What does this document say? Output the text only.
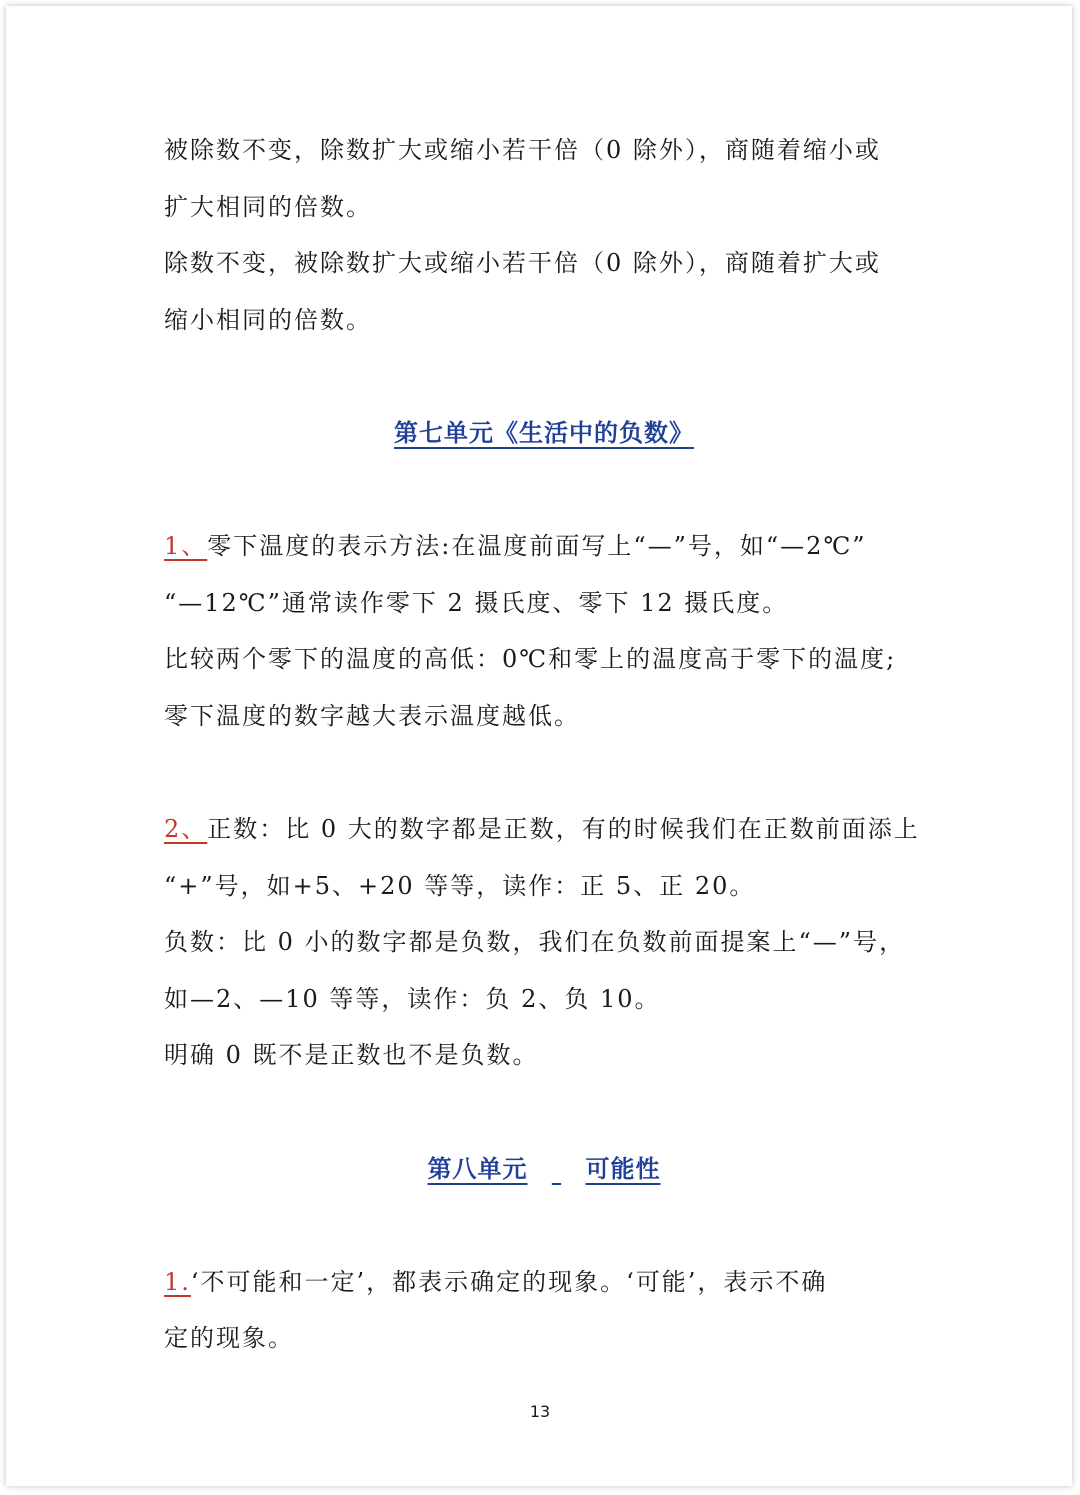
被除数不变，除数扩大或缩小若干倍（0 除外），商随着缩小或

扩大相同的倍数。

除数不变，被除数扩大或缩小若干倍（0 除外），商随着扩大或

缩小相同的倍数。

第七单元《生活中的负数》

1、零下温度的表示方法:在温度前面写上“—”号，如“—2℃”

“—12℃”通常读作零下 2 摄氏度、零下 12 摄氏度。

比较两个零下的温度的高低：0℃和零上的温度高于零下的温度;

零下温度的数字越大表示温度越低。

2、正数：比 0 大的数字都是正数，有的时候我们在正数前面添上

“+”号，如+5、+20 等等，读作：正 5、正 20。

负数：比 0 小的数字都是负数，我们在负数前面提案上“—”号，

如—2、—10 等等，读作：负 2、负 10。

明确 0 既不是正数也不是负数。

第八单元 可能性

1.‘不可能和一定’，都表示确定的现象。‘可能’，表示不确

定的现象。

13
